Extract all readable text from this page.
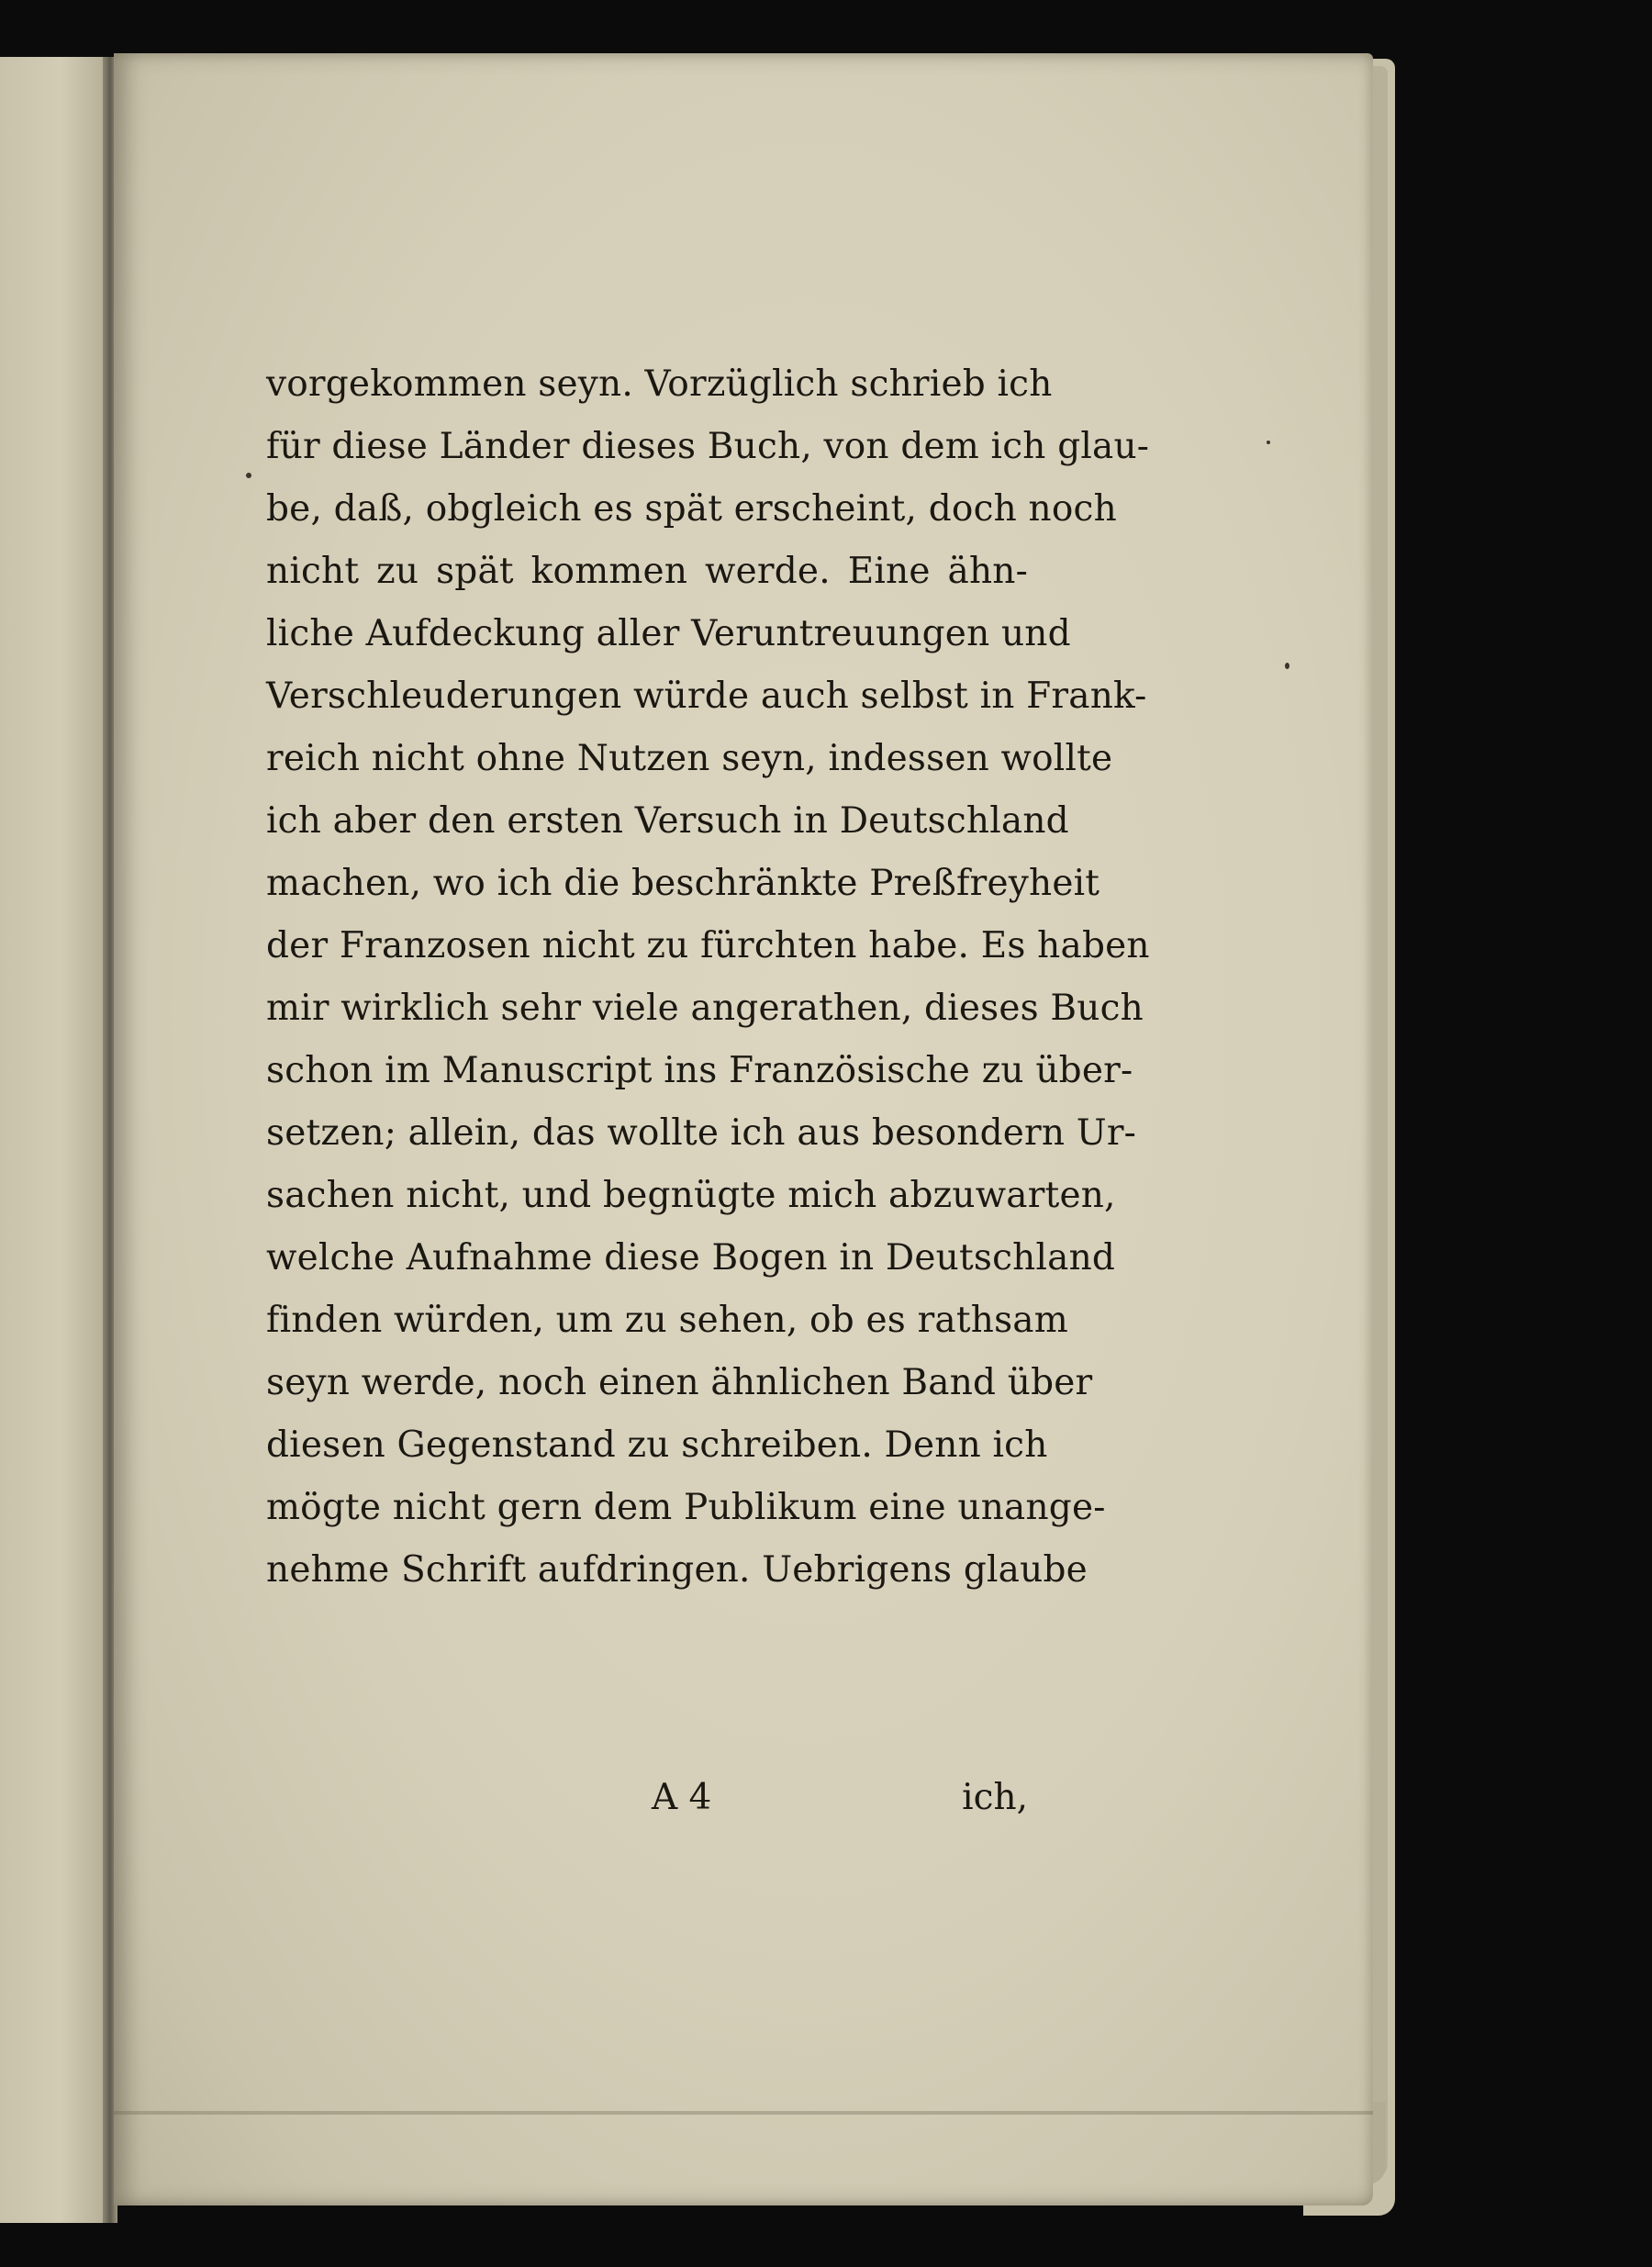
vorgekommen seyn. Vorzüglich schrieb ich
für diese Länder dieses Buch, von dem ich glau-
be, daß, obgleich es spät erscheint, doch noch
nicht zu spät kommen werde. Eine ähn-
liche Aufdeckung aller Veruntreuungen und
Verschleuderungen würde auch selbst in Frank-
reich nicht ohne Nutzen seyn, indessen wollte
ich aber den ersten Versuch in Deutschland
machen, wo ich die beschränkte Preßfreyheit
der Franzosen nicht zu fürchten habe. Es haben
mir wirklich sehr viele angerathen, dieses Buch
schon im Manuscript ins Französische zu über-
setzen; allein, das wollte ich aus besondern Ur-
sachen nicht, und begnügte mich abzuwarten,
welche Aufnahme diese Bogen in Deutschland
finden würden, um zu sehen, ob es rathsam
seyn werde, noch einen ähnlichen Band über
diesen Gegenstand zu schreiben. Denn ich
mögte nicht gern dem Publikum eine unange-
nehme Schrift aufdringen. Uebrigens glaube
A 4	ich,
